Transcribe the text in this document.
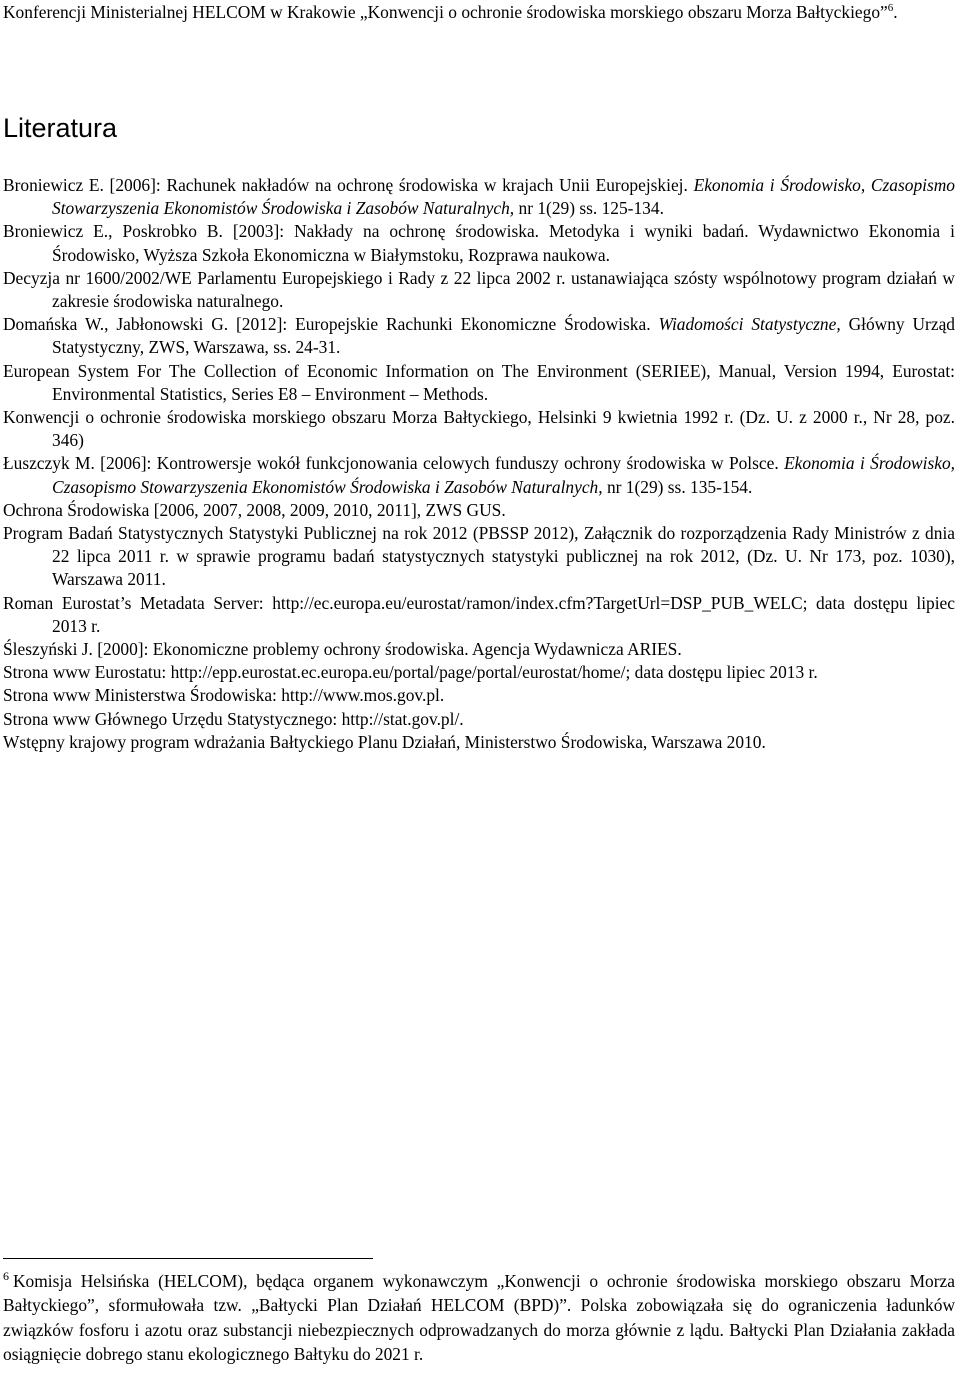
Konferencji Ministerialnej HELCOM w Krakowie „Konwencji o ochronie środowiska morskiego obszaru Morza Bałtyckiego”$^6$.

Literatura

Broniewicz E. [2006]: Rachunek nakładów na ochronę środowiska w krajach Unii Europejskiej. Ekonomia i Środowisko, Czasopismo Stowarzyszenia Ekonomistów Środowiska i Zasobów Naturalnych, nr 1(29) ss. 125-134.

Broniewicz E., Poskrobko B. [2003]: Nakłady na ochronę środowiska. Metodyka i wyniki badań. Wydawnictwo Ekonomia i Środowisko, Wyższa Szkoła Ekonomiczna w Białymstoku, Rozprawa naukowa.

Decyzja nr 1600/2002/WE Parlamentu Europejskiego i Rady z 22 lipca 2002 r. ustanawiająca szósty wspólnotowy program działań w zakresie środowiska naturalnego.

Domańska W., Jabłonowski G. [2012]: Europejskie Rachunki Ekonomiczne Środowiska. Wiadomości Statystyczne, Główny Urząd Statystyczny, ZWS, Warszawa, ss. 24-31.

European System For The Collection of Economic Information on The Environment (SERIEE), Manual, Version 1994, Eurostat: Environmental Statistics, Series E8 – Environment – Methods.

Konwencji o ochronie środowiska morskiego obszaru Morza Bałtyckiego, Helsinki 9 kwietnia 1992 r. (Dz. U. z 2000 r., Nr 28, poz. 346)

Łuszczyk M. [2006]: Kontrowersje wokół funkcjonowania celowych funduszy ochrony środowiska w Polsce. Ekonomia i Środowisko, Czasopismo Stowarzyszenia Ekonomistów Środowiska i Zasobów Naturalnych, nr 1(29) ss. 135-154.

Ochrona Środowiska [2006, 2007, 2008, 2009, 2010, 2011], ZWS GUS.

Program Badań Statystycznych Statystyki Publicznej na rok 2012 (PBSSP 2012), Załącznik do rozporządzenia Rady Ministrów z dnia 22 lipca 2011 r. w sprawie programu badań statystycznych statystyki publicznej na rok 2012, (Dz. U. Nr 173, poz. 1030), Warszawa 2011.

Roman Eurostat’s Metadata Server: http://ec.europa.eu/eurostat/ramon/index.cfm?TargetUrl=DSP_PUB_WELC; data dostępu lipiec 2013 r.

Śleszyński J. [2000]: Ekonomiczne problemy ochrony środowiska. Agencja Wydawnicza ARIES.

Strona www Eurostatu: http://epp.eurostat.ec.europa.eu/portal/page/portal/eurostat/home/; data dostępu lipiec 2013 r.

Strona www Ministerstwa Środowiska: http://www.mos.gov.pl.

Strona www Głównego Urzędu Statystycznego: http://stat.gov.pl/.

Wstępny krajowy program wdrażania Bałtyckiego Planu Działań, Ministerstwo Środowiska, Warszawa 2010.

$^6$ Komisja Helsińska (HELCOM), będąca organem wykonawczym „Konwencji o ochronie środowiska morskiego obszaru Morza Bałtyckiego”, sformułowała tzw. „Bałtycki Plan Działań HELCOM (BPD)”. Polska zobowiązała się do ograniczenia ładunków związków fosforu i azotu oraz substancji niebezpiecznych odprowadzanych do morza głównie z lądu. Bałtycki Plan Działania zakłada osiągnięcie dobrego stanu ekologicznego Bałtyku do 2021 r.
